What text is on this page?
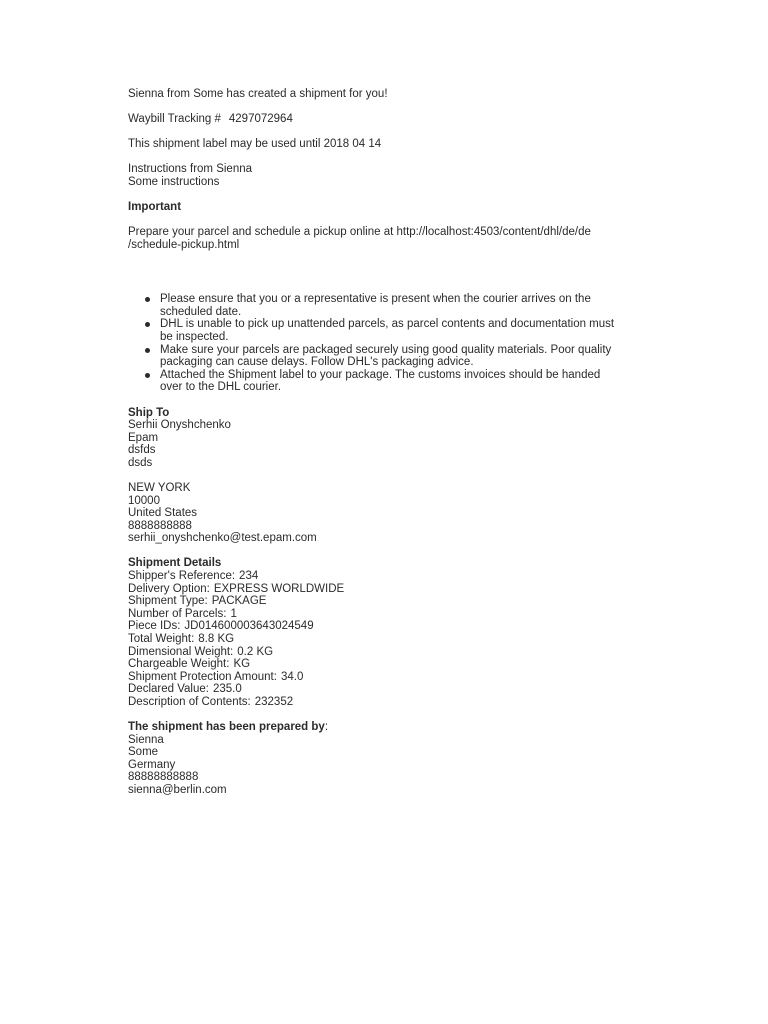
Sienna from Some has created a shipment for you!
Waybill Tracking # 4297072964
This shipment label may be used until 2018 04 14
Instructions from Sienna
Some instructions
Important
Prepare your parcel and schedule a pickup online at http://localhost:4503/content/dhl/de/de /schedule-pickup.html
Please ensure that you or a representative is present when the courier arrives on the scheduled date.
DHL is unable to pick up unattended parcels, as parcel contents and documentation must be inspected.
Make sure your parcels are packaged securely using good quality materials. Poor quality packaging can cause delays. Follow DHL's packaging advice.
Attached the Shipment label to your package. The customs invoices should be handed over to the DHL courier.
Ship To
Serhii Onyshchenko
Epam
dsfds
dsds
NEW YORK
10000
United States
8888888888
serhii_onyshchenko@test.epam.com
Shipment Details
Shipper's Reference: 234
Delivery Option: EXPRESS WORLDWIDE
Shipment Type: PACKAGE
Number of Parcels: 1
Piece IDs: JD014600003643024549
Total Weight: 8.8 KG
Dimensional Weight: 0.2 KG
Chargeable Weight: KG
Shipment Protection Amount: 34.0
Declared Value: 235.0
Description of Contents: 232352
The shipment has been prepared by:
Sienna
Some
Germany
88888888888
sienna@berlin.com
